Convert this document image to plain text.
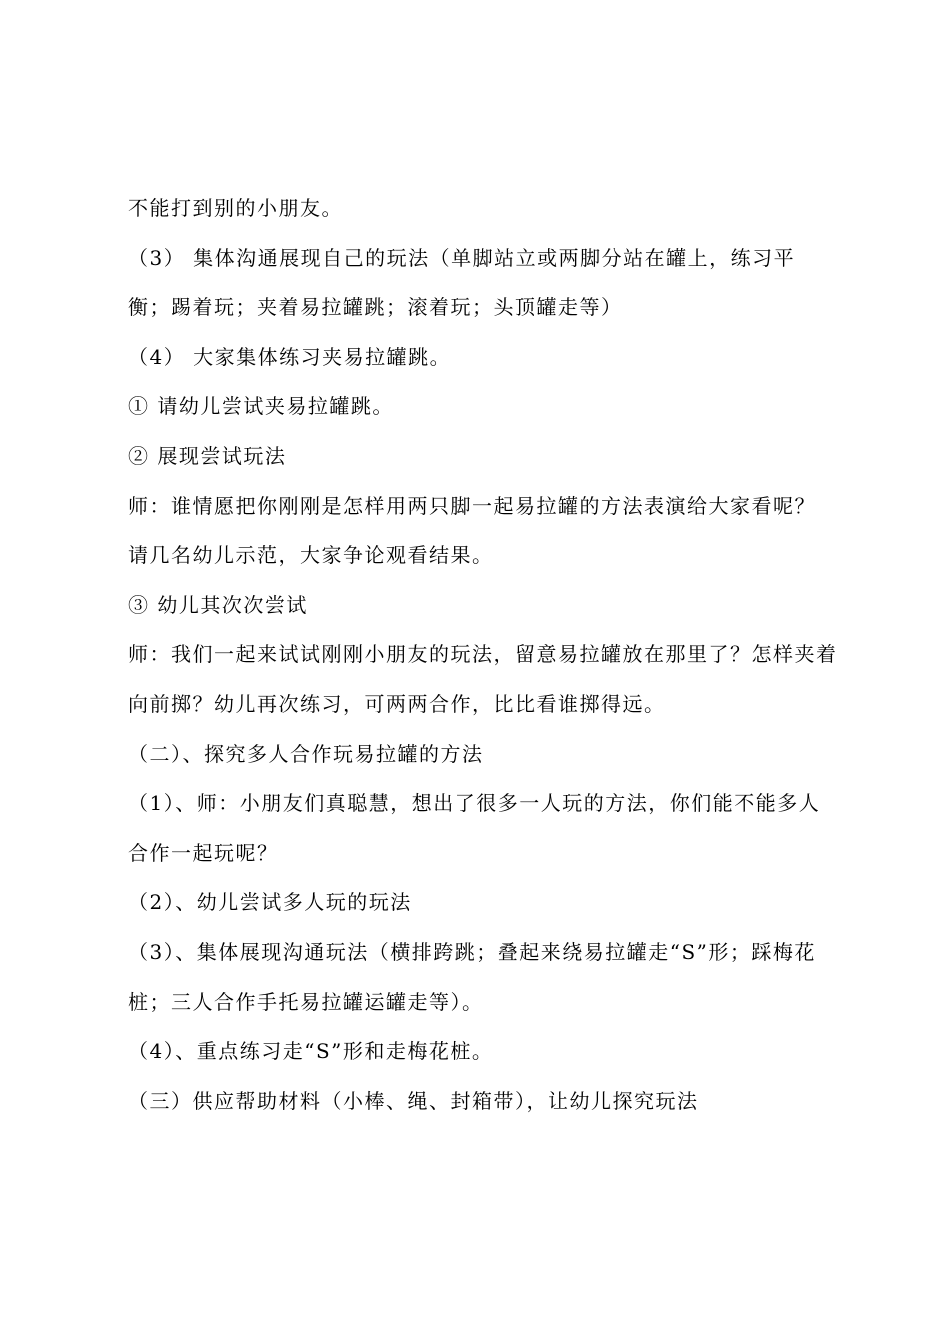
不能打到别的小朋友。

（3） 集体沟通展现自己的玩法（单脚站立或两脚分站在罐上，练习平衡；踢着玩；夹着易拉罐跳；滚着玩；头顶罐走等）

（4） 大家集体练习夹易拉罐跳。

① 请幼儿尝试夹易拉罐跳。

② 展现尝试玩法

师：谁情愿把你刚刚是怎样用两只脚一起易拉罐的方法表演给大家看呢？

请几名幼儿示范，大家争论观看结果。

③ 幼儿其次次尝试

师：我们一起来试试刚刚小朋友的玩法，留意易拉罐放在那里了？怎样夹着向前掷？幼儿再次练习，可两两合作，比比看谁掷得远。

（二）、探究多人合作玩易拉罐的方法

（1）、师：小朋友们真聪慧，想出了很多一人玩的方法，你们能不能多人合作一起玩呢？

（2）、幼儿尝试多人玩的玩法

（3）、集体展现沟通玩法（横排跨跳；叠起来绕易拉罐走“S”形；踩梅花桩；三人合作手托易拉罐运罐走等）。

（4）、重点练习走“S”形和走梅花桩。

（三）供应帮助材料（小棒、绳、封箱带），让幼儿探究玩法
